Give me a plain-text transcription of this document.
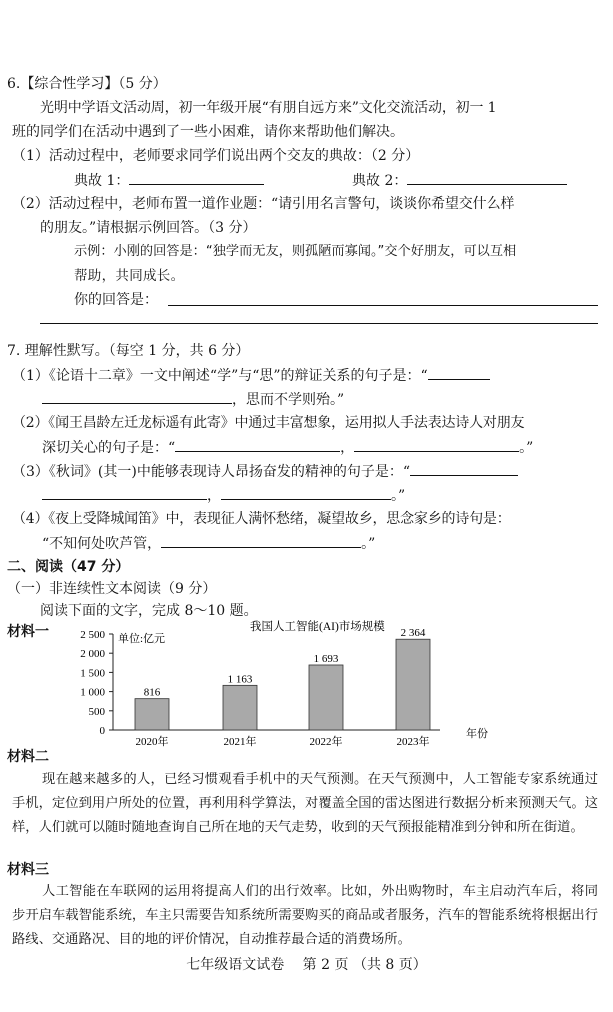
6.【综合性学习】（5 分）
光明中学语文活动周，初一年级开展“有朋自远方来”文化交流活动，初一 1
班的同学们在活动中遇到了一些小困难，请你来帮助他们解决。
（1）活动过程中，老师要求同学们说出两个交友的典故：（2 分）
典故 1：	典故 2：
（2）活动过程中，老师布置一道作业题：“请引用名言警句，谈谈你希望交什么样
的朋友。”请根据示例回答。（3 分）
示例：小刚的回答是：“独学而无友，则孤陋而寡闻。”交个好朋友，可以互相
帮助，共同成长。
你的回答是：
7. 理解性默写。（每空 1 分，共 6 分）
（1）《论语十二章》一文中阐述“学”与“思”的辩证关系的句子是：“
，思而不学则殆。”
（2）《闻王昌龄左迁龙标遥有此寄》中通过丰富想象，运用拟人手法表达诗人对朋友
深切关心的句子是：“	，	。”
（3）《秋词》(其一)中能够表现诗人昂扬奋发的精神的句子是：“
，	。”
（4）《夜上受降城闻笛》中，表现征人满怀愁绪，凝望故乡，思念家乡的诗句是：
“不知何处吹芦管，	。”
二、阅读（47 分）
（一）非连续性文本阅读（9 分）
阅读下面的文字，完成 8～10 题。
材料一	我国人工智能(AI)市场规模
单位:亿元
0
500
1 000
1 500
2 000
2 500
816
2020年
1 163
2021年
1 693
2022年
2 364
2023年
年份
材料二
现在越来越多的人，已经习惯观看手机中的天气预测。在天气预测中，人工智能专家系统通过手机，定位到用户所处的位置，再利用科学算法，对覆盖全国的雷达图进行数据分析来预测天气。这样，人们就可以随时随地查询自己所在地的天气走势，收到的天气预报能精准到分钟和所在街道。
材料三
人工智能在车联网的运用将提高人们的出行效率。比如，外出购物时，车主启动汽车后，将同步开启车载智能系统，车主只需要告知系统所需要购买的商品或者服务，汽车的智能系统将根据出行路线、交通路况、目的地的评价情况，自动推荐最合适的消费场所。
七年级语文试卷　 第 2 页 （共 8 页）
